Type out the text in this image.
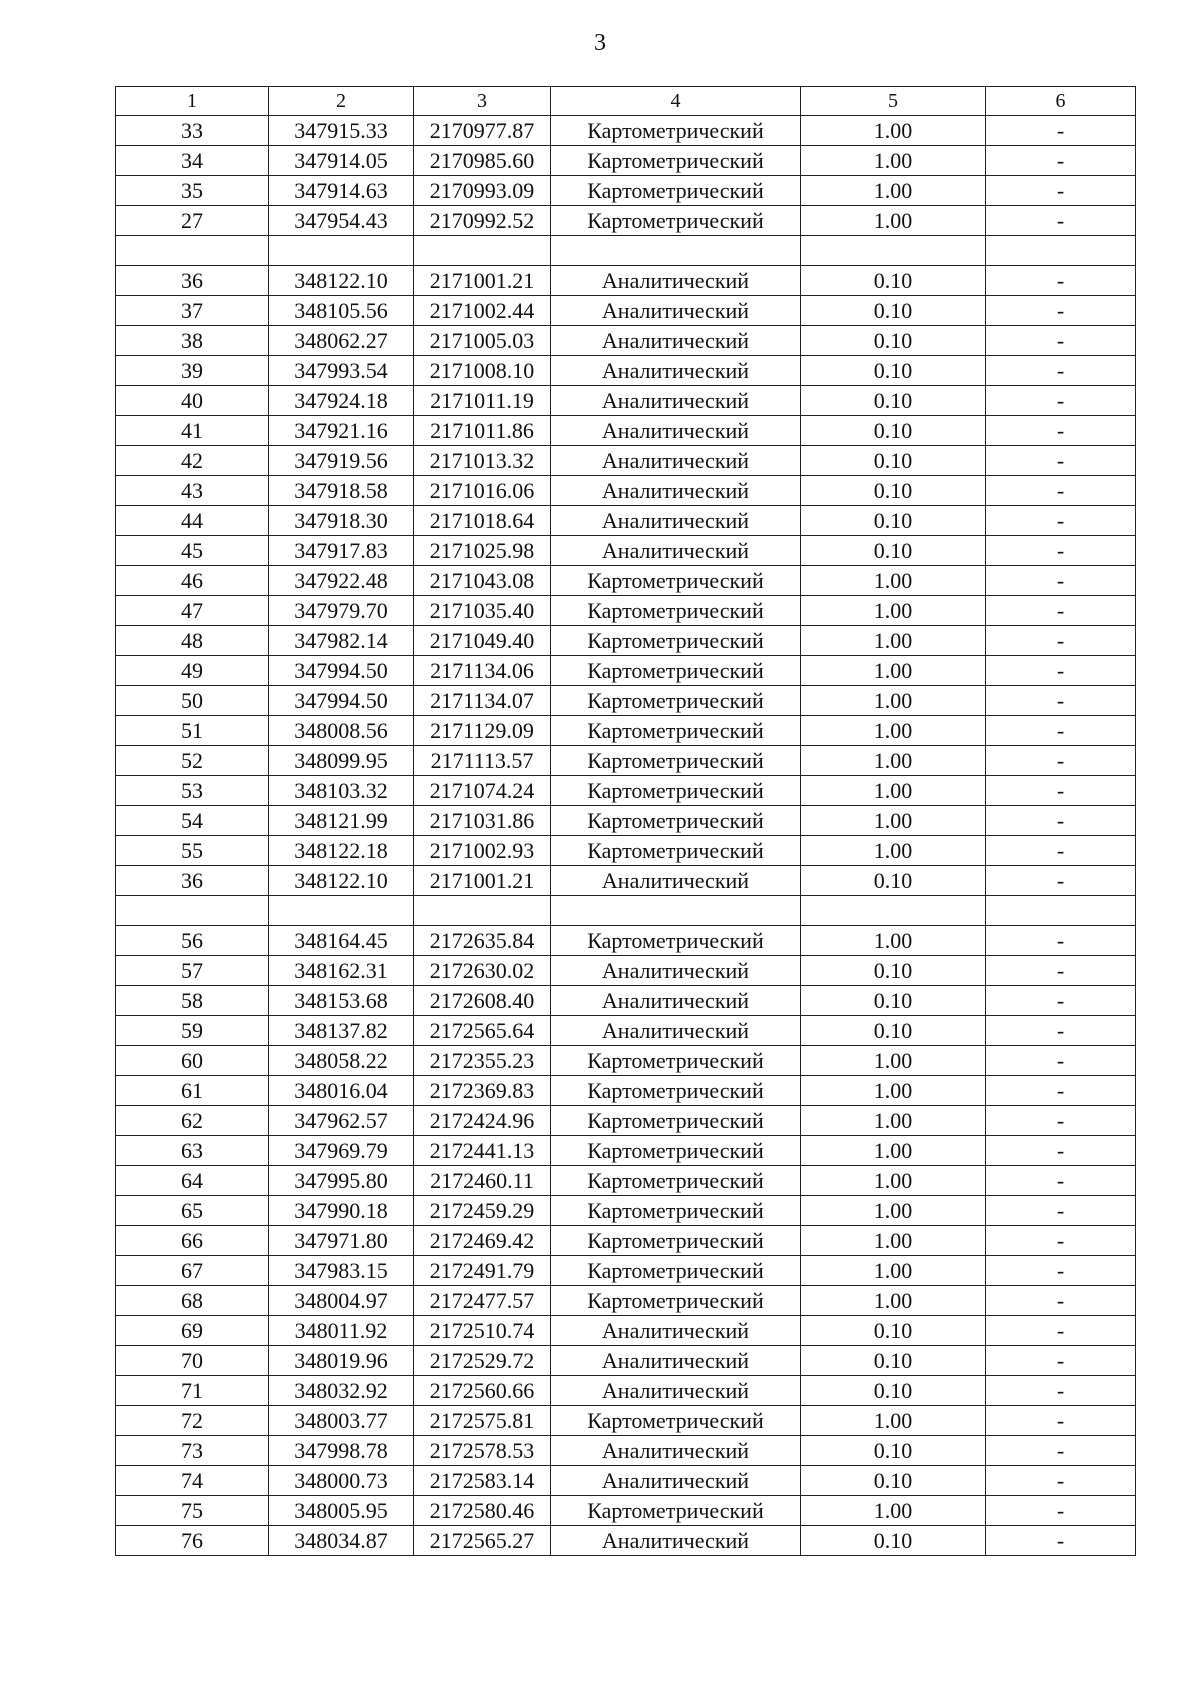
3
1	2	3	4	5	6
33	347915.33	2170977.87	Картометрический	1.00	-
34	347914.05	2170985.60	Картометрический	1.00	-
35	347914.63	2170993.09	Картометрический	1.00	-
27	347954.43	2170992.52	Картометрический	1.00	-

36	348122.10	2171001.21	Аналитический	0.10	-
37	348105.56	2171002.44	Аналитический	0.10	-
38	348062.27	2171005.03	Аналитический	0.10	-
39	347993.54	2171008.10	Аналитический	0.10	-
40	347924.18	2171011.19	Аналитический	0.10	-
41	347921.16	2171011.86	Аналитический	0.10	-
42	347919.56	2171013.32	Аналитический	0.10	-
43	347918.58	2171016.06	Аналитический	0.10	-
44	347918.30	2171018.64	Аналитический	0.10	-
45	347917.83	2171025.98	Аналитический	0.10	-
46	347922.48	2171043.08	Картометрический	1.00	-
47	347979.70	2171035.40	Картометрический	1.00	-
48	347982.14	2171049.40	Картометрический	1.00	-
49	347994.50	2171134.06	Картометрический	1.00	-
50	347994.50	2171134.07	Картометрический	1.00	-
51	348008.56	2171129.09	Картометрический	1.00	-
52	348099.95	2171113.57	Картометрический	1.00	-
53	348103.32	2171074.24	Картометрический	1.00	-
54	348121.99	2171031.86	Картометрический	1.00	-
55	348122.18	2171002.93	Картометрический	1.00	-
36	348122.10	2171001.21	Аналитический	0.10	-

56	348164.45	2172635.84	Картометрический	1.00	-
57	348162.31	2172630.02	Аналитический	0.10	-
58	348153.68	2172608.40	Аналитический	0.10	-
59	348137.82	2172565.64	Аналитический	0.10	-
60	348058.22	2172355.23	Картометрический	1.00	-
61	348016.04	2172369.83	Картометрический	1.00	-
62	347962.57	2172424.96	Картометрический	1.00	-
63	347969.79	2172441.13	Картометрический	1.00	-
64	347995.80	2172460.11	Картометрический	1.00	-
65	347990.18	2172459.29	Картометрический	1.00	-
66	347971.80	2172469.42	Картометрический	1.00	-
67	347983.15	2172491.79	Картометрический	1.00	-
68	348004.97	2172477.57	Картометрический	1.00	-
69	348011.92	2172510.74	Аналитический	0.10	-
70	348019.96	2172529.72	Аналитический	0.10	-
71	348032.92	2172560.66	Аналитический	0.10	-
72	348003.77	2172575.81	Картометрический	1.00	-
73	347998.78	2172578.53	Аналитический	0.10	-
74	348000.73	2172583.14	Аналитический	0.10	-
75	348005.95	2172580.46	Картометрический	1.00	-
76	348034.87	2172565.27	Аналитический	0.10	-
